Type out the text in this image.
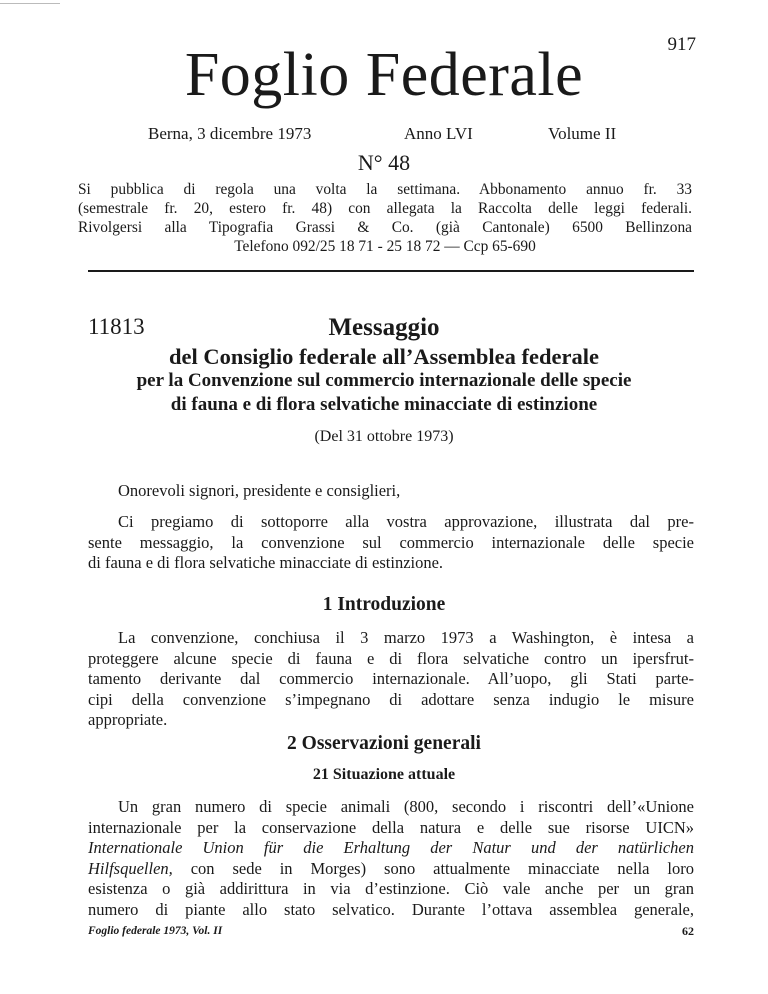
917
Foglio Federale
Berna, 3 dicembre 1973	Anno LVI	Volume II
N° 48
Si pubblica di regola una volta la settimana. Abbonamento annuo fr. 33
(semestrale fr. 20, estero fr. 48) con allegata la Raccolta delle leggi federali.
Rivolgersi alla Tipografia Grassi & Co. (già Cantonale) 6500 Bellinzona
Telefono 092/25 18 71 - 25 18 72 — Ccp 65-690
11813	Messaggio
del Consiglio federale all’Assemblea federale
per la Convenzione sul commercio internazionale delle specie
di fauna e di flora selvatiche minacciate di estinzione
(Del 31 ottobre 1973)
Onorevoli signori, presidente e consiglieri,
Ci pregiamo di sottoporre alla vostra approvazione, illustrata dal pre-
sente messaggio, la convenzione sul commercio internazionale delle specie
di fauna e di flora selvatiche minacciate di estinzione.
1 Introduzione
La convenzione, conchiusa il 3 marzo 1973 a Washington, è intesa a
proteggere alcune specie di fauna e di flora selvatiche contro un ipersfrut-
tamento derivante dal commercio internazionale. All’uopo, gli Stati parte-
cipi della convenzione s’impegnano di adottare senza indugio le misure
appropriate.
2 Osservazioni generali
21 Situazione attuale
Un gran numero di specie animali (800, secondo i riscontri dell’«Unione
internazionale per la conservazione della natura e delle sue risorse UICN»
Internationale Union für die Erhaltung der Natur und der natürlichen
Hilfsquellen, con sede in Morges) sono attualmente minacciate nella loro
esistenza o già addirittura in via d’estinzione. Ciò vale anche per un gran
numero di piante allo stato selvatico. Durante l’ottava assemblea generale,
Foglio federale 1973, Vol. II	62
